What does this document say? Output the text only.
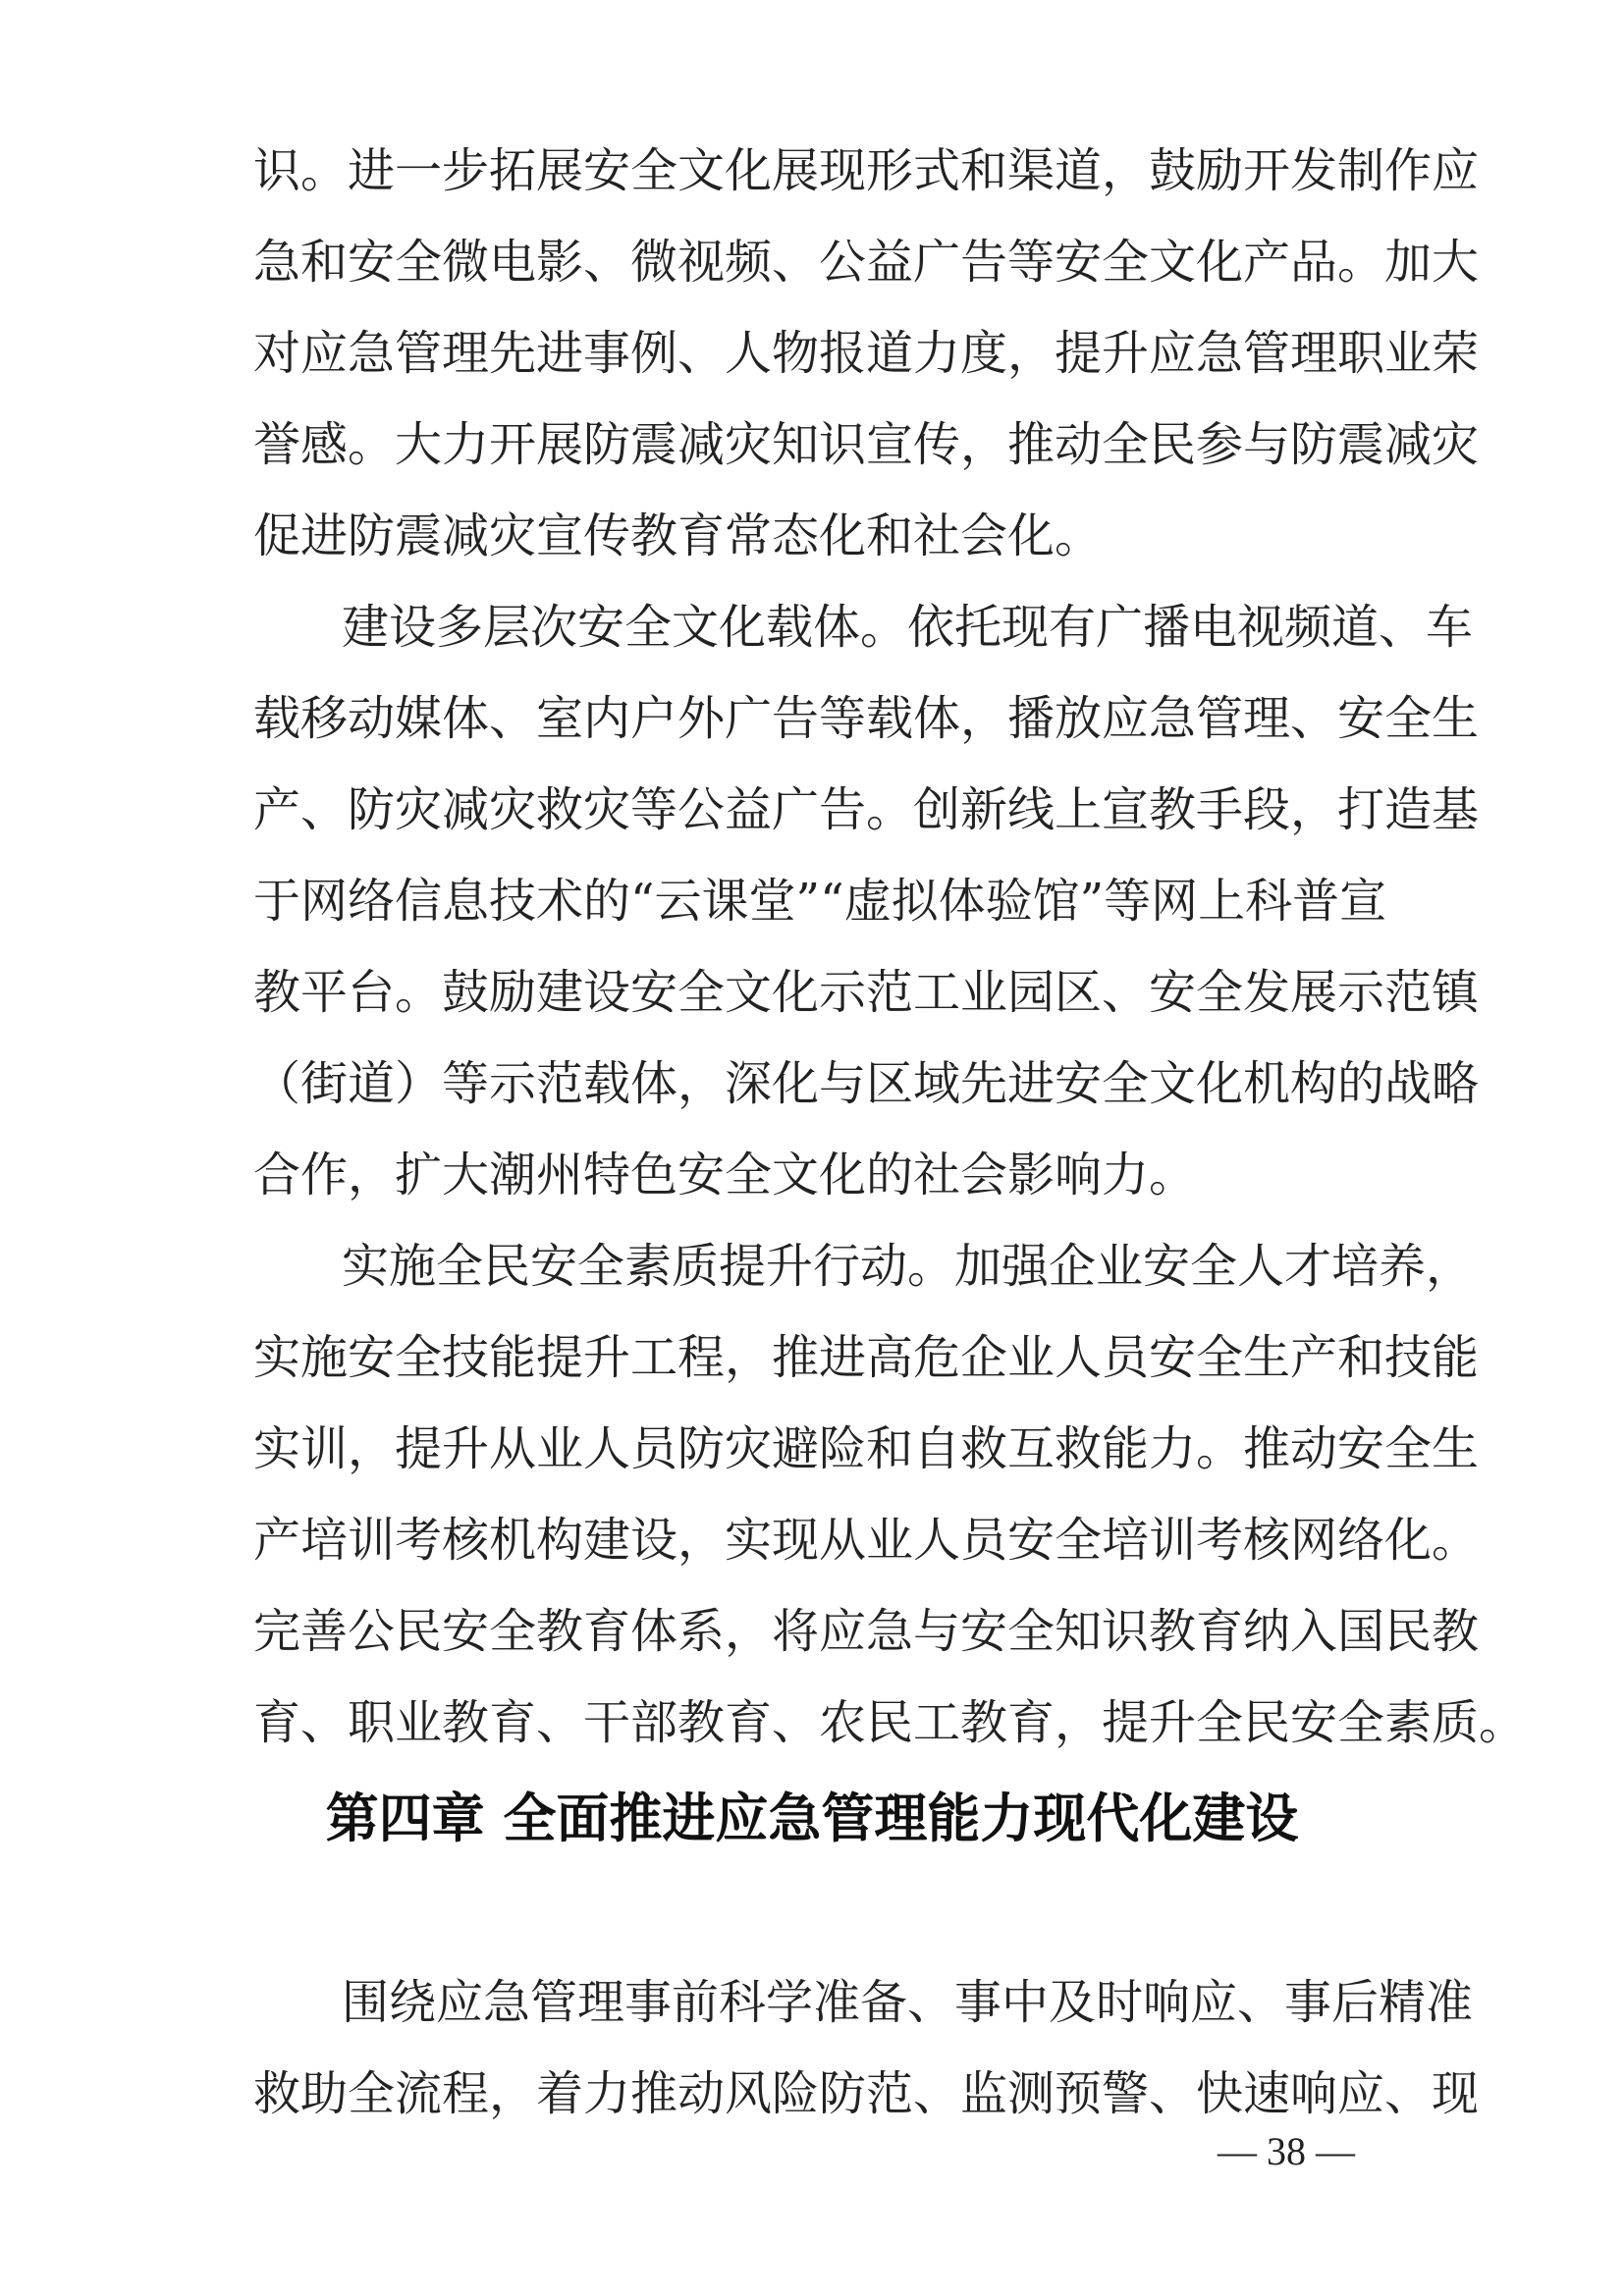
识。进一步拓展安全文化展现形式和渠道，鼓励开发制作应
急和安全微电影、微视频、公益广告等安全文化产品。加大
对应急管理先进事例、人物报道力度，提升应急管理职业荣
誉感。大力开展防震减灾知识宣传，推动全民参与防震减灾
促进防震减灾宣传教育常态化和社会化。
建设多层次安全文化载体。依托现有广播电视频道、车
载移动媒体、室内户外广告等载体，播放应急管理、安全生
产、防灾减灾救灾等公益广告。创新线上宣教手段，打造基
于网络信息技术的“云课堂”“虚拟体验馆”等网上科普宣
教平台。鼓励建设安全文化示范工业园区、安全发展示范镇
（街道）等示范载体，深化与区域先进安全文化机构的战略
合作，扩大潮州特色安全文化的社会影响力。
实施全民安全素质提升行动。加强企业安全人才培养，
实施安全技能提升工程，推进高危企业人员安全生产和技能
实训，提升从业人员防灾避险和自救互救能力。推动安全生
产培训考核机构建设，实现从业人员安全培训考核网络化。
完善公民安全教育体系，将应急与安全知识教育纳入国民教
育、职业教育、干部教育、农民工教育，提升全民安全素质。
第四章 全面推进应急管理能力现代化建设
围绕应急管理事前科学准备、事中及时响应、事后精准
救助全流程，着力推动风险防范、监测预警、快速响应、现
— 38 —
